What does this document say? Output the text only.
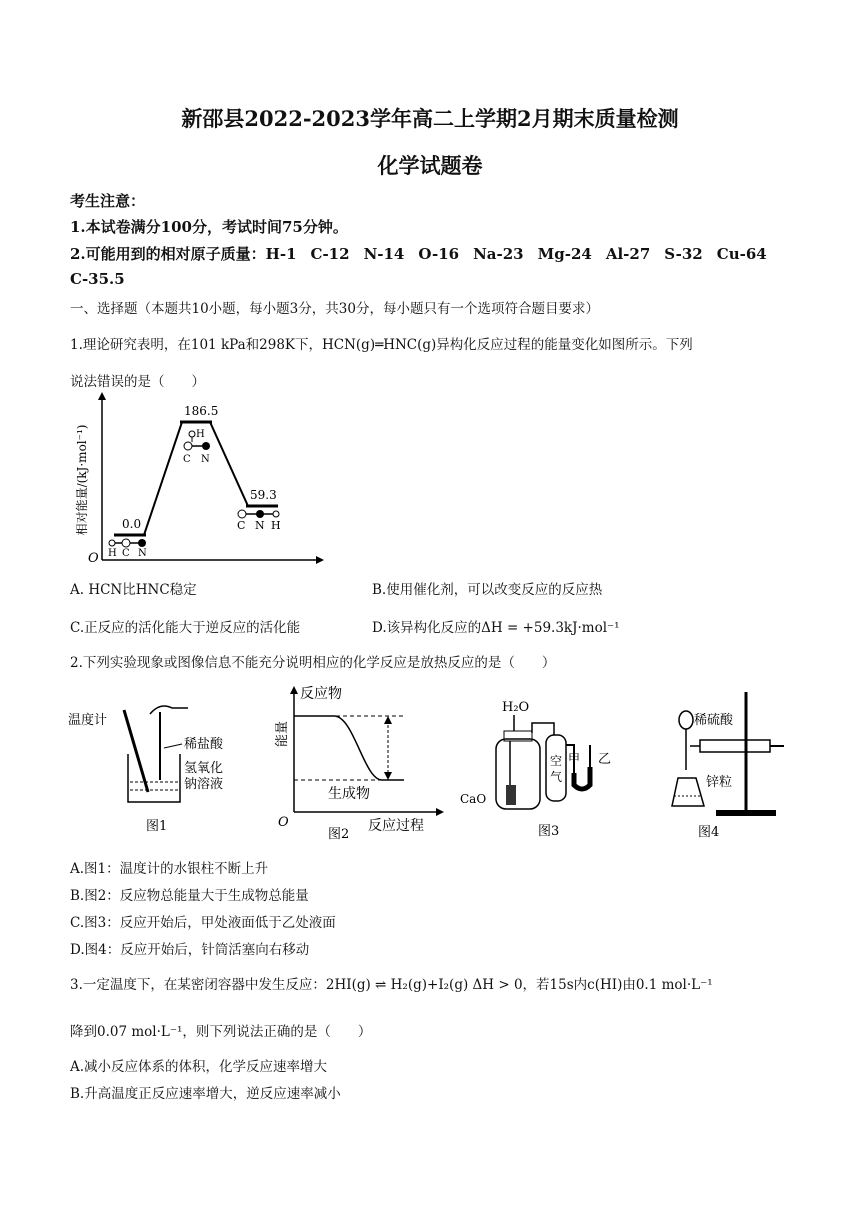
新邵县2022-2023学年高二上学期2月期末质量检测
化学试题卷
考生注意：
1.本试卷满分100分，考试时间75分钟。
2.可能用到的相对原子质量：H-1 C-12 N-14 O-16 Na-23 Mg-24 Al-27 S-32 Cu-64
C-35.5
一、选择题（本题共10小题，每小题3分，共30分，每小题只有一个选项符合题目要求）
1.理论研究表明，在101 kPa和298K下，HCN(g)═HNC(g)异构化反应过程的能量变化如图所示。下列
说法错误的是（　　）
O
相对能量/(kJ·mol⁻¹)	0.0
186.5
59.3
H C N
H
C N
C N H
A. HCN比HNC稳定	B.使用催化剂，可以改变反应的反应热
C.正反应的活化能大于逆反应的活化能	D.该异构化反应的ΔH = +59.3kJ·mol⁻¹
2.下列实验现象或图像信息不能充分说明相应的化学反应是放热反应的是（　　）
温度计
稀盐酸
氢氧化
钠溶液
图1
能量
反应物
生成物
O	反应过程
图2
H₂O
CaO
空
气
甲 乙
图3
稀硫酸
锌粒
图4
A.图1：温度计的水银柱不断上升
B.图2：反应物总能量大于生成物总能量
C.图3：反应开始后，甲处液面低于乙处液面
D.图4：反应开始后，针筒活塞向右移动
3.一定温度下，在某密闭容器中发生反应：2HI(g) ⇌ H₂(g)+I₂(g) ΔH > 0，若15s内c(HI)由0.1 mol·L⁻¹
降到0.07 mol·L⁻¹，则下列说法正确的是（　　）
A.减小反应体系的体积，化学反应速率增大
B.升高温度正反应速率增大，逆反应速率减小
